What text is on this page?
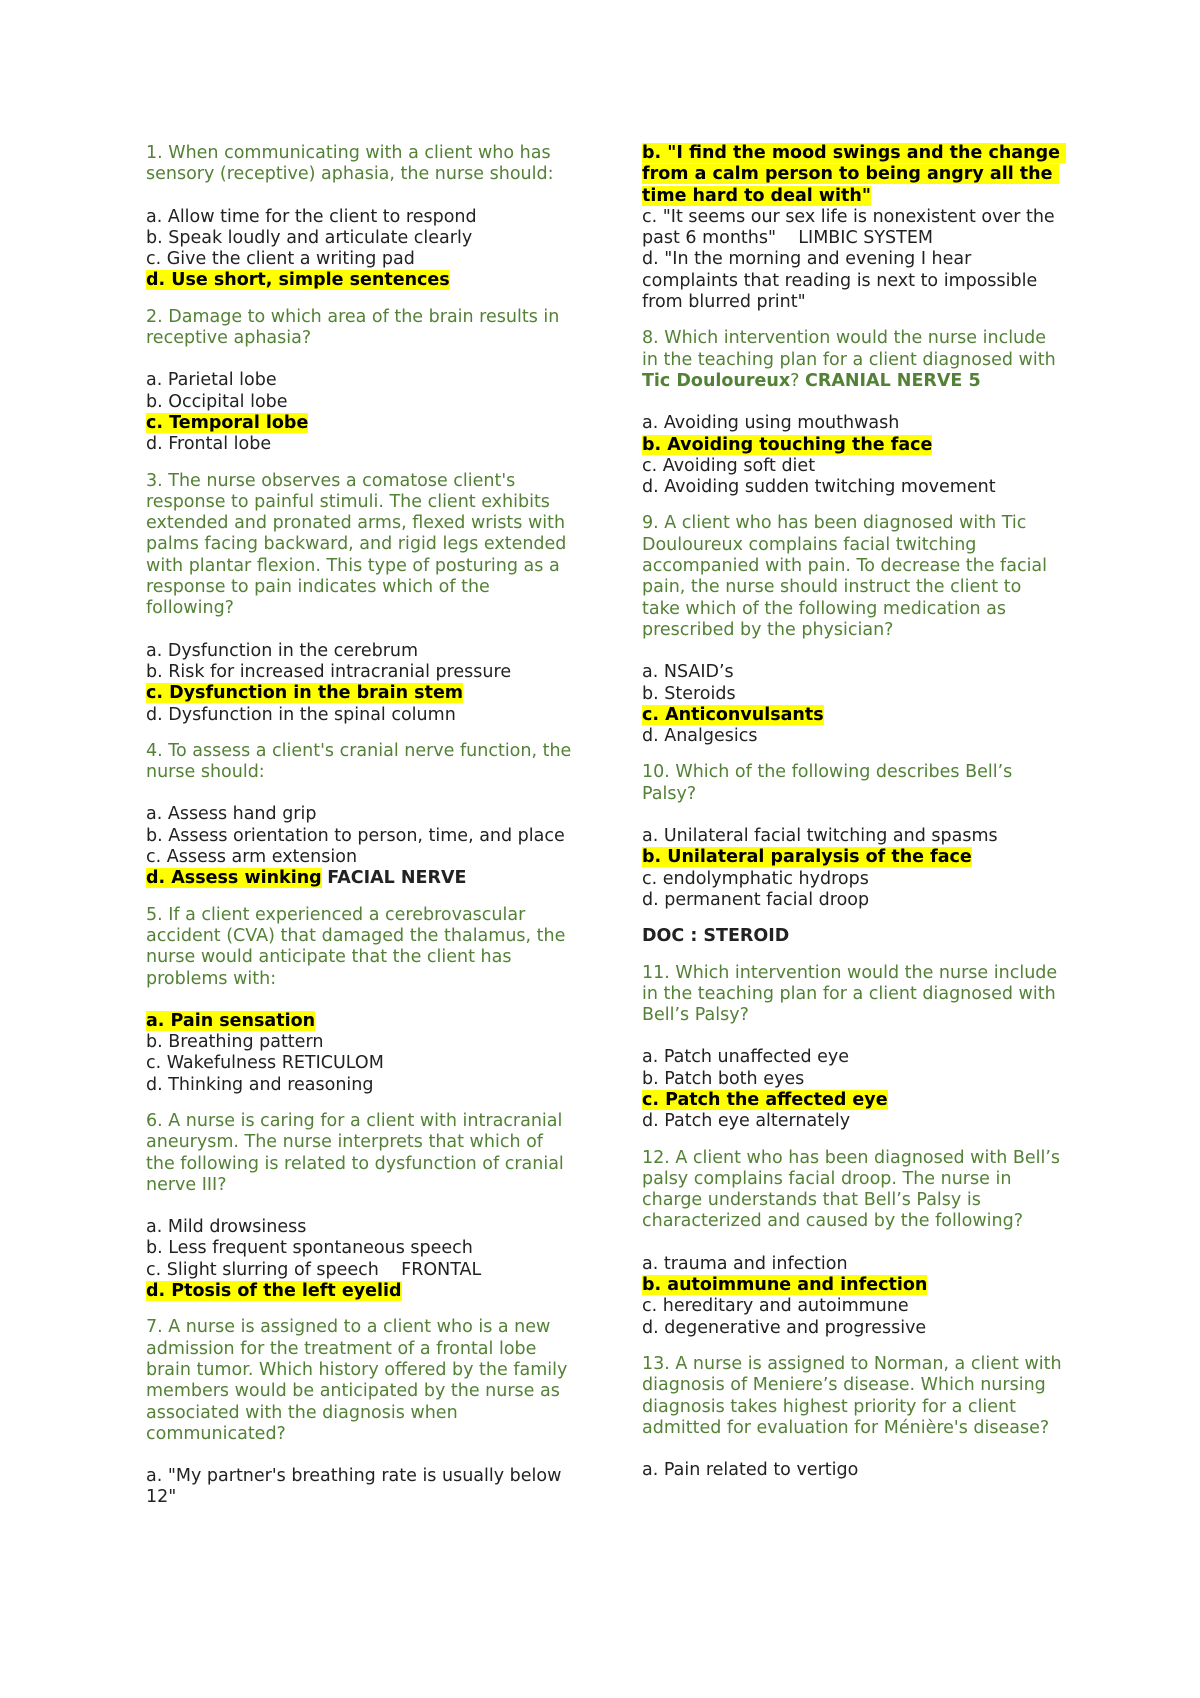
1. When communicating with a client who has sensory (receptive) aphasia, the nurse should:

a. Allow time for the client to respond
b. Speak loudly and articulate clearly
c. Give the client a writing pad
d. Use short, simple sentences

2. Damage to which area of the brain results in receptive aphasia?

a. Parietal lobe
b. Occipital lobe
c. Temporal lobe
d. Frontal lobe

3. The nurse observes a comatose client's response to painful stimuli. The client exhibits extended and pronated arms, flexed wrists with palms facing backward, and rigid legs extended with plantar flexion. This type of posturing as a response to pain indicates which of the following?

a. Dysfunction in the cerebrum
b. Risk for increased intracranial pressure
c. Dysfunction in the brain stem
d. Dysfunction in the spinal column

4. To assess a client's cranial nerve function, the nurse should:

a. Assess hand grip
b. Assess orientation to person, time, and place
c. Assess arm extension
d. Assess winking FACIAL NERVE

5. If a client experienced a cerebrovascular accident (CVA) that damaged the thalamus, the nurse would anticipate that the client has problems with:

a. Pain sensation
b. Breathing pattern
c. Wakefulness RETICULOM
d. Thinking and reasoning

6. A nurse is caring for a client with intracranial aneurysm. The nurse interprets that which of the following is related to dysfunction of cranial nerve III?

a. Mild drowsiness
b. Less frequent spontaneous speech
c. Slight slurring of speech    FRONTAL
d. Ptosis of the left eyelid

7. A nurse is assigned to a client who is a new admission for the treatment of a frontal lobe brain tumor. Which history offered by the family members would be anticipated by the nurse as associated with the diagnosis when communicated?

a. "My partner's breathing rate is usually below 12"
b. "I find the mood swings and the change from a calm person to being angry all the time hard to deal with"
c. "It seems our sex life is nonexistent over the past 6 months"    LIMBIC SYSTEM
d. "In the morning and evening I hear complaints that reading is next to impossible from blurred print"

8. Which intervention would the nurse include in the teaching plan for a client diagnosed with Tic Douloureux? CRANIAL NERVE 5

a. Avoiding using mouthwash
b. Avoiding touching the face
c. Avoiding soft diet
d. Avoiding sudden twitching movement

9. A client who has been diagnosed with Tic Douloureux complains facial twitching accompanied with pain. To decrease the facial pain, the nurse should instruct the client to take which of the following medication as prescribed by the physician?

a. NSAID’s
b. Steroids
c. Anticonvulsants
d. Analgesics

10. Which of the following describes Bell’s Palsy?

a. Unilateral facial twitching and spasms
b. Unilateral paralysis of the face
c. endolymphatic hydrops
d. permanent facial droop

DOC : STEROID

11. Which intervention would the nurse include in the teaching plan for a client diagnosed with Bell’s Palsy?

a. Patch unaffected eye
b. Patch both eyes
c. Patch the affected eye
d. Patch eye alternately

12. A client who has been diagnosed with Bell’s palsy complains facial droop. The nurse in charge understands that Bell’s Palsy is characterized and caused by the following?

a. trauma and infection
b. autoimmune and infection
c. hereditary and autoimmune
d. degenerative and progressive

13. A nurse is assigned to Norman, a client with diagnosis of Meniere’s disease. Which nursing diagnosis takes highest priority for a client admitted for evaluation for Ménière's disease?

a. Pain related to vertigo
